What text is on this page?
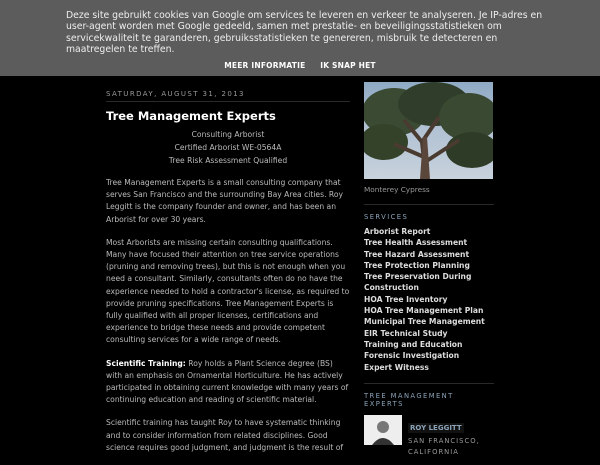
Deze site gebruikt cookies van Google om services te leveren en verkeer te analyseren. Je IP-adres en user-agent worden met Google gedeeld, samen met prestatie- en beveiligingsstatistieken om servicekwaliteit te garanderen, gebruiksstatistieken te genereren, misbruik te detecteren en maatregelen te treffen.
MEER INFORMATIE IK SNAP HET
SATURDAY, AUGUST 31, 2013
Tree Management Experts
Consulting Arborist
Certified Arborist WE-0564A
Tree Risk Assessment Qualified

Tree Management Experts is a small consulting company that serves San Francisco and the surrounding Bay Area cities. Roy Leggitt is the company founder and owner, and has been an Arborist for over 30 years.

Most Arborists are missing certain consulting qualifications. Many have focused their attention on tree service operations (pruning and removing trees), but this is not enough when you need a consultant. Similarly, consultants often do no have the experience needed to hold a contractor's license, as required to provide pruning specifications. Tree Management Experts is fully qualified with all proper licenses, certifications and experience to bridge these needs and provide competent consulting services for a wide range of needs.

Scientific Training: Roy holds a Plant Science degree (BS) with an emphasis on Ornamental Horticulture. He has actively participated in obtaining current knowledge with many years of continuing education and reading of scientific material.

Scientific training has taught Roy to have systematic thinking and to consider information from related disciplines. Good science requires good judgment, and judgment is the result of

Monterey Cypress
SERVICES
Arborist Report
Tree Health Assessment
Tree Hazard Assessment
Tree Protection Planning
Tree Preservation During Construction
HOA Tree Inventory
HOA Tree Management Plan
Municipal Tree Management
EIR Technical Study
Training and Education
Forensic Investigation
Expert Witness
TREE MANAGEMENT EXPERTS
ROY LEGGITT
SAN FRANCISCO,
CALIFORNIA
